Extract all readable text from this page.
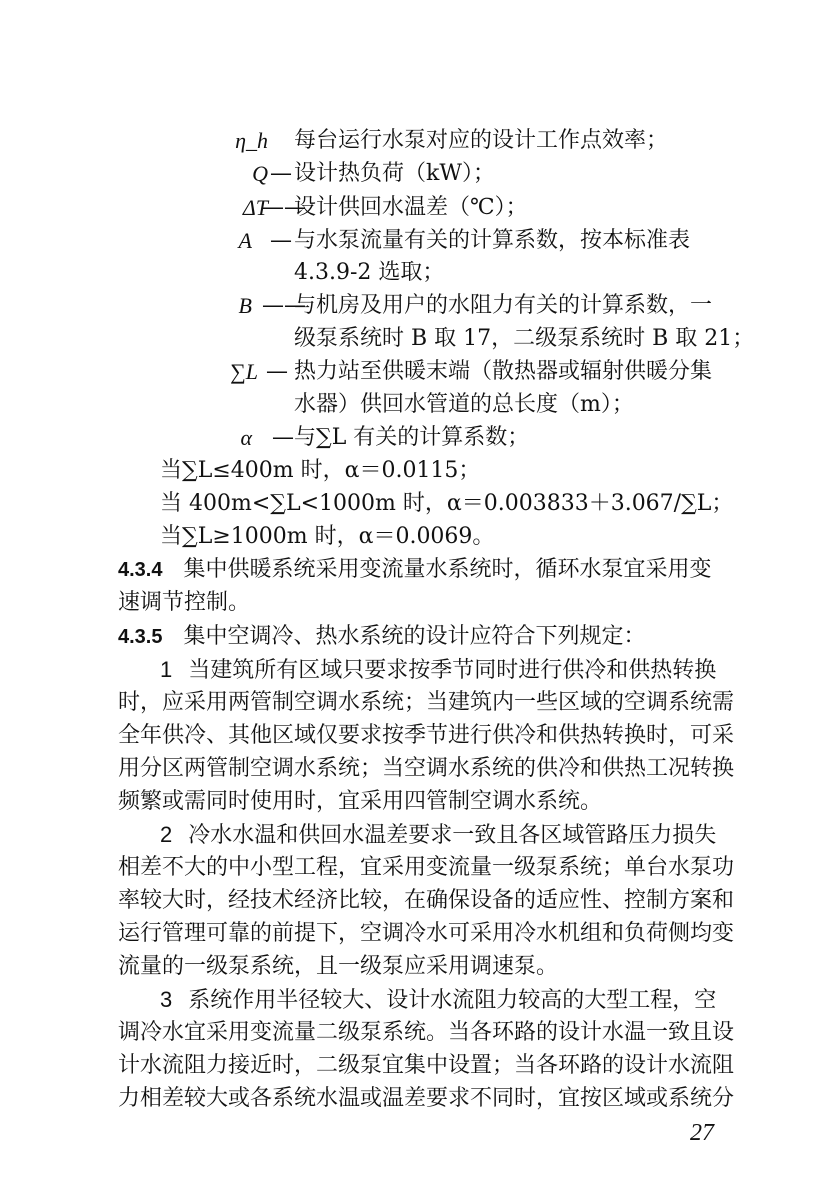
η_h 每台运行水泵对应的设计工作点效率；
Q — 设计热负荷（kW）；
ΔT
——
设计供回水温差（℃）；
A — 与水泵流量有关的计算系数，按本标准表
4.3.9-2 选取；
B ——
与机房及用户的水阻力有关的计算系数，一
级泵系统时 B 取 17，二级泵系统时 B 取 21；
∑L — 热力站至供暖末端（散热器或辐射供暖分集
水器）供回水管道的总长度（m）；
α — 与∑L 有关的计算系数；
当∑L≤400m 时，α＝0.0115；
当 400m<∑L<1000m 时，α＝0.003833＋3.067/∑L；
当∑L≥1000m 时，α＝0.0069。
4.3.4 集中供暖系统采用变流量水系统时，循环水泵宜采用变
速调节控制。
4.3.5 集中空调冷、热水系统的设计应符合下列规定：
1 当建筑所有区域只要求按季节同时进行供冷和供热转换
时，应采用两管制空调水系统；当建筑内一些区域的空调系统需
全年供冷、其他区域仅要求按季节进行供冷和供热转换时，可采
用分区两管制空调水系统；当空调水系统的供冷和供热工况转换
频繁或需同时使用时，宜采用四管制空调水系统。
2 冷水水温和供回水温差要求一致且各区域管路压力损失
相差不大的中小型工程，宜采用变流量一级泵系统；单台水泵功
率较大时，经技术经济比较，在确保设备的适应性、控制方案和
运行管理可靠的前提下，空调冷水可采用冷水机组和负荷侧均变
流量的一级泵系统，且一级泵应采用调速泵。
3 系统作用半径较大、设计水流阻力较高的大型工程，空
调冷水宜采用变流量二级泵系统。当各环路的设计水温一致且设
计水流阻力接近时，二级泵宜集中设置；当各环路的设计水流阻
力相差较大或各系统水温或温差要求不同时，宜按区域或系统分
27
